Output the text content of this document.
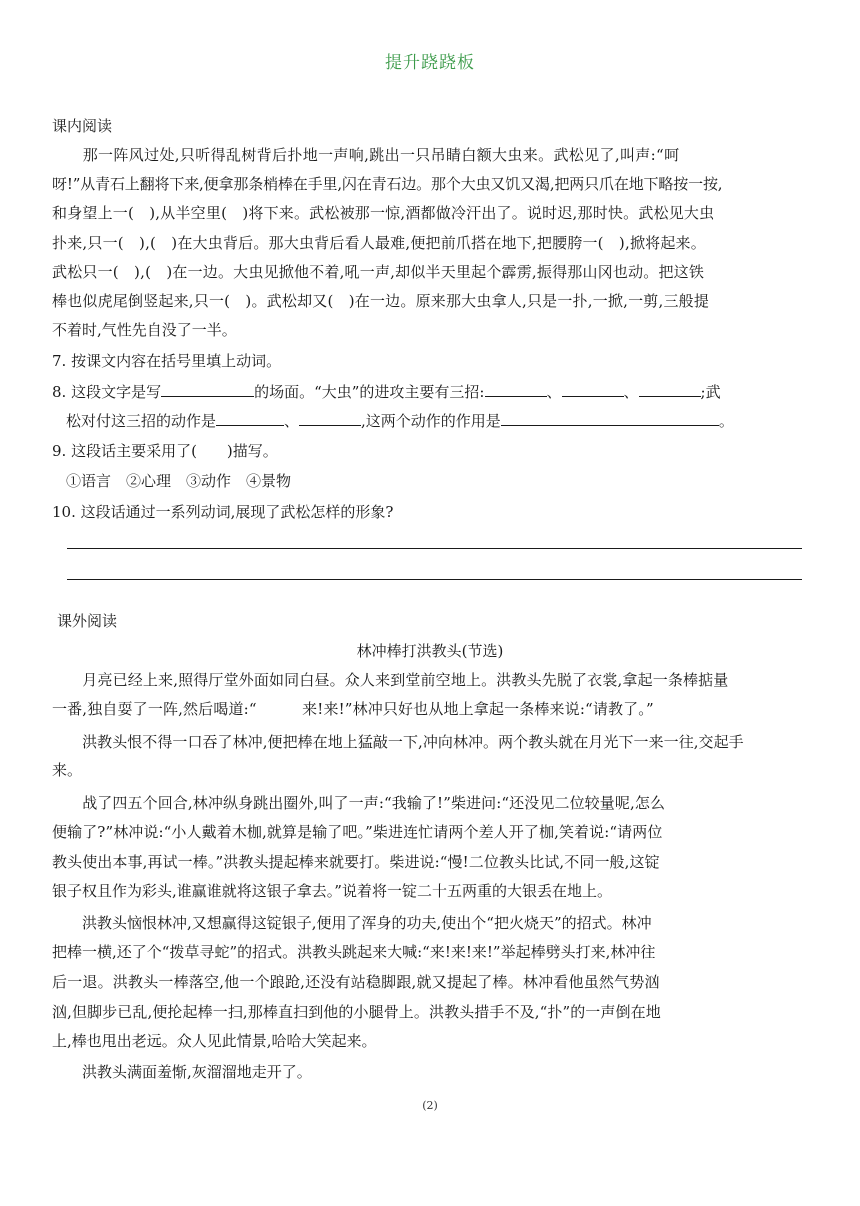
提升跷跷板
课内阅读
　　那一阵风过处,只听得乱树背后扑地一声响,跳出一只吊睛白额大虫来。武松见了,叫声:“呵
呀!”从青石上翻将下来,便拿那条梢棒在手里,闪在青石边。那个大虫又饥又渴,把两只爪在地下略按一按,
和身望上一(　),从半空里(　)将下来。武松被那一惊,酒都做冷汗出了。说时迟,那时快。武松见大虫
扑来,只一(　),(　)在大虫背后。那大虫背后看人最难,便把前爪搭在地下,把腰胯一(　),掀将起来。
武松只一(　),(　)在一边。大虫见掀他不着,吼一声,却似半天里起个霹雳,振得那山冈也动。把这铁
棒也似虎尾倒竖起来,只一(　)。武松却又(　)在一边。原来那大虫拿人,只是一扑,一掀,一剪,三般提
不着时,气性先自没了一半。
7. 按课文内容在括号里填上动词。
8. 这段文字是写	的场面。“大虫”的进攻主要有三招:	、	、	;武
松对付这三招的动作是	、	,这两个动作的作用是	。
9. 这段话主要采用了(　　)描写。
①语言　②心理　③动作　④景物
10. 这段话通过一系列动词,展现了武松怎样的形象?
课外阅读
林冲棒打洪教头(节选)
　　月亮已经上来,照得厅堂外面如同白昼。众人来到堂前空地上。洪教头先脱了衣裳,拿起一条棒掂量
一番,独自耍了一阵,然后喝道:“　　　来!来!”林冲只好也从地上拿起一条棒来说:“请教了。”
　　洪教头恨不得一口吞了林冲,便把棒在地上猛敲一下,冲向林冲。两个教头就在月光下一来一往,交起手
来。
　　战了四五个回合,林冲纵身跳出圈外,叫了一声:“我输了!”柴进问:“还没见二位较量呢,怎么
便输了?”林冲说:“小人戴着木枷,就算是输了吧。”柴进连忙请两个差人开了枷,笑着说:“请两位
教头使出本事,再试一棒。”洪教头提起棒来就要打。柴进说:“慢!二位教头比试,不同一般,这锭
银子权且作为彩头,谁赢谁就将这银子拿去。”说着将一锭二十五两重的大银丢在地上。
　　洪教头恼恨林冲,又想赢得这锭银子,便用了浑身的功夫,使出个“把火烧天”的招式。林冲
把棒一横,还了个“拨草寻蛇”的招式。洪教头跳起来大喊:“来!来!来!”举起棒劈头打来,林冲往
后一退。洪教头一棒落空,他一个踉跄,还没有站稳脚跟,就又提起了棒。林冲看他虽然气势汹
汹,但脚步已乱,便抡起棒一扫,那棒直扫到他的小腿骨上。洪教头措手不及,“扑”的一声倒在地
上,棒也甩出老远。众人见此情景,哈哈大笑起来。
　　洪教头满面羞惭,灰溜溜地走开了。
(2)
